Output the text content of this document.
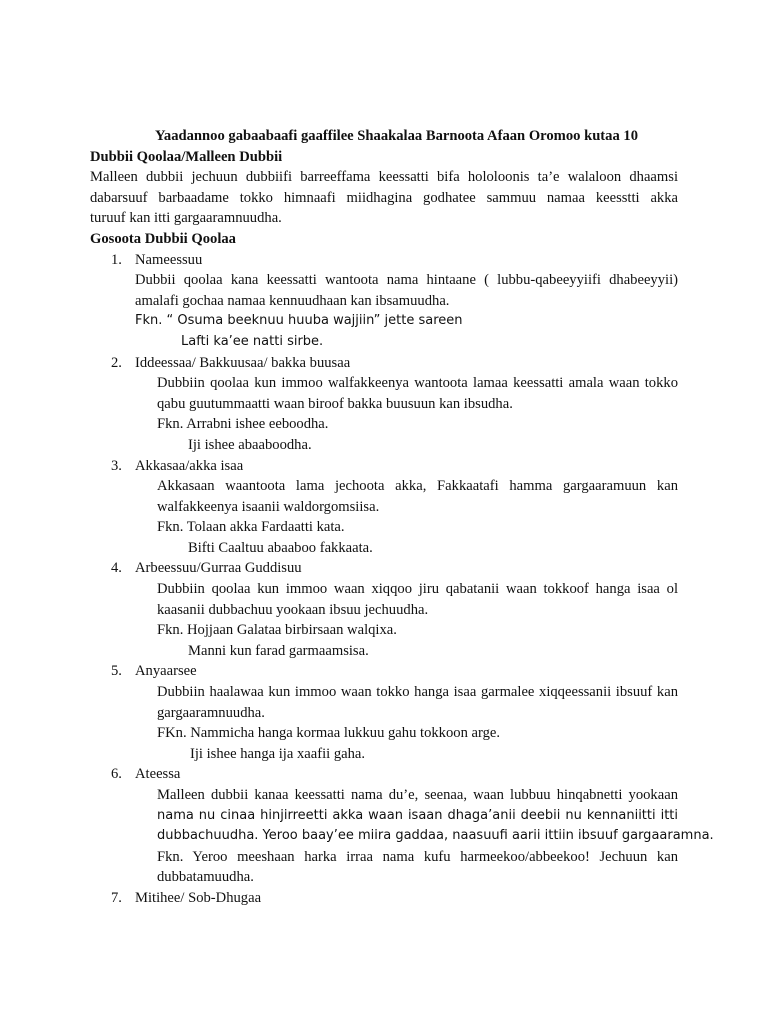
Yaadannoo gabaabaafi gaaffilee Shaakalaa Barnoota Afaan Oromoo kutaa 10
Dubbii Qoolaa/Malleen Dubbii
Malleen dubbii jechuun dubbiifi barreeffama keessatti bifa hololoonis ta’e walaloon dhaamsi
dabarsuuf barbaadame tokko himnaafi miidhagina godhatee sammuu namaa keesstti akka
turuuf kan itti gargaaramnuudha.
Gosoota Dubbii Qoolaa
1. Nameessuu
Dubbii qoolaa kana keessatti wantoota nama hintaane ( lubbu-qabeeyyiifi dhabeeyyii)
amalafi gochaa namaa kennuudhaan kan ibsamuudha.
Fkn. “ Osuma beeknuu huuba wajjiin” jette sareen
Lafti ka’ee natti sirbe.
2. Iddeessaa/ Bakkuusaa/ bakka buusaa
Dubbiin qoolaa kun immoo walfakkeenya wantoota lamaa keessatti amala waan tokko
qabu guutummaatti waan biroof bakka buusuun kan ibsudha.
Fkn. Arrabni ishee eeboodha.
Iji ishee abaaboodha.
3. Akkasaa/akka isaa
Akkasaan waantoota lama jechoota akka, Fakkaatafi hamma gargaaramuun kan
walfakkeenya isaanii waldorgomsiisa.
Fkn. Tolaan akka Fardaatti kata.
Bifti Caaltuu abaaboo fakkaata.
4. Arbeessuu/Gurraa Guddisuu
Dubbiin qoolaa kun immoo waan xiqqoo jiru qabatanii waan tokkoof hanga isaa ol
kaasanii dubbachuu yookaan ibsuu jechuudha.
Fkn. Hojjaan Galataa birbirsaan walqixa.
Manni kun farad garmaamsisa.
5. Anyaarsee
Dubbiin haalawaa kun immoo waan tokko hanga isaa garmalee xiqqeessanii ibsuuf kan
gargaaramnuudha.
FKn. Nammicha hanga kormaa lukkuu gahu tokkoon arge.
Iji ishee hanga ija xaafii gaha.
6. Ateessa
Malleen dubbii kanaa keessatti nama du’e, seenaa, waan lubbuu hinqabnetti yookaan
nama nu cinaa hinjirreetti akka waan isaan dhaga’anii deebii nu kennaniitti itti
dubbachuudha. Yeroo baay’ee miira gaddaa, naasuufi aarii ittiin ibsuuf gargaaramna.
Fkn. Yeroo meeshaan harka irraa nama kufu harmeekoo/abbeekoo! Jechuun kan
dubbatamuudha.
7. Mitihee/ Sob-Dhugaa
